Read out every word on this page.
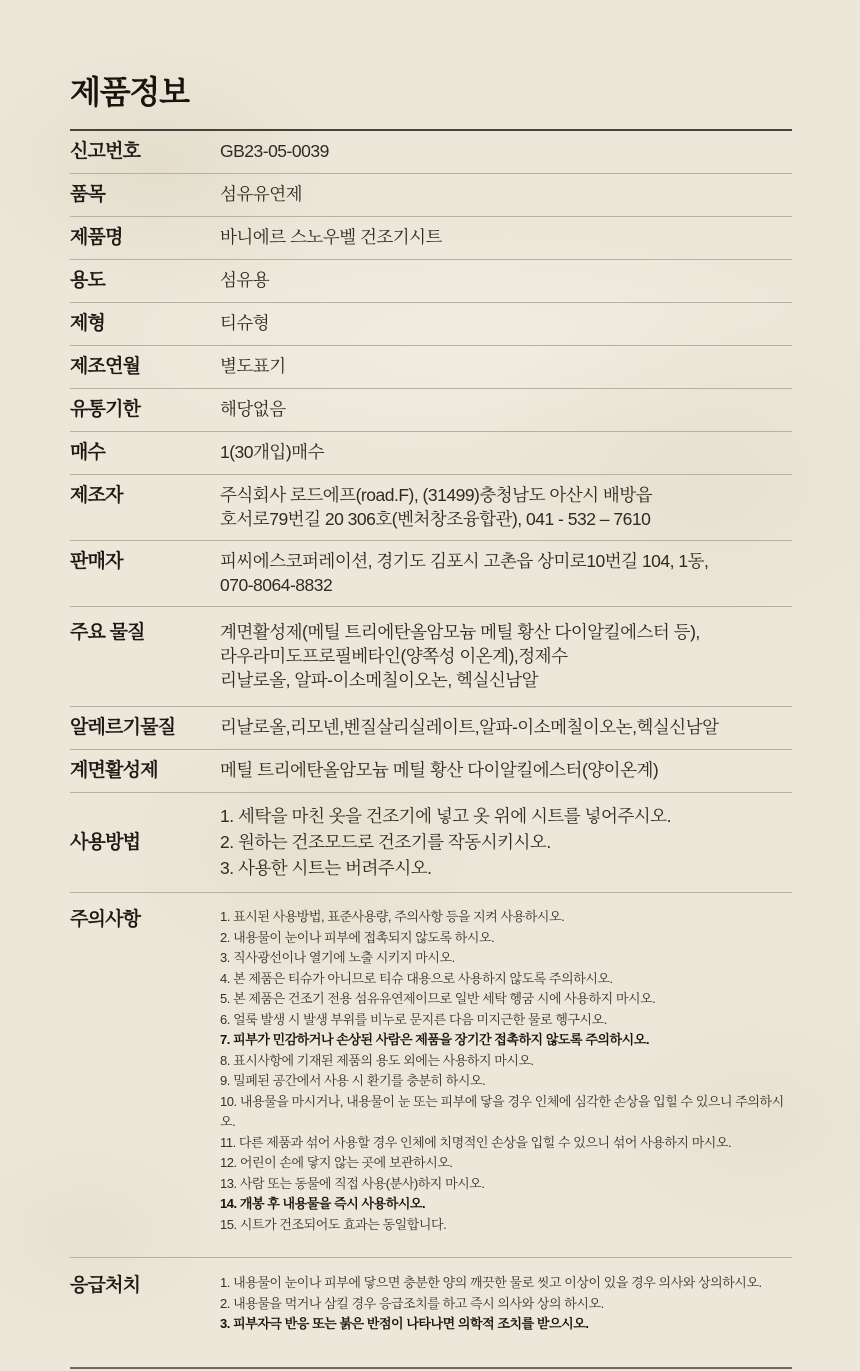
제품정보
신고번호	GB23-05-0039
품목	섬유유연제
제품명	바니에르 스노우벨 건조기시트
용도	섬유용
제형	티슈형
제조연월	별도표기
유통기한	해당없음
매수	1(30개입)매수
제조자	주식회사 로드에프(road.F), (31499)충청남도 아산시 배방읍
호서로79번길 20 306호(벤처창조융합관), 041 - 532 – 7610
판매자	피씨에스코퍼레이션, 경기도 김포시 고촌읍 상미로10번길 104, 1동,
070-8064-8832
주요 물질	계면활성제(메틸 트리에탄올암모늄 메틸 황산 다이알킬에스터 등),
라우라미도프로필베타인(양쪽성 이온계),정제수
리날로올, 알파-이소메칠이오논, 헥실신남알
알레르기물질	리날로올,리모넨,벤질살리실레이트,알파-이소메칠이오논,헥실신남알
계면활성제	메틸 트리에탄올암모늄 메틸 황산 다이알킬에스터(양이온계)
사용방법
1. 세탁을 마친 옷을 건조기에 넣고 옷 위에 시트를 넣어주시오.
2. 원하는 건조모드로 건조기를 작동시키시오.
3. 사용한 시트는 버려주시오.
주의사항	1. 표시된 사용방법, 표준사용량, 주의사항 등을 지켜 사용하시오.
2. 내용물이 눈이나 피부에 접촉되지 않도록 하시오.
3. 직사광선이나 열기에 노출 시키지 마시오.
4. 본 제품은 티슈가 아니므로 티슈 대용으로 사용하지 않도록 주의하시오.
5. 본 제품은 건조기 전용 섬유유연제이므로 일반 세탁 헹굼 시에 사용하지 마시오.
6. 얼룩 발생 시 발생 부위를 비누로 문지른 다음 미지근한 물로 헹구시오.
7. 피부가 민감하거나 손상된 사람은 제품을 장기간 접촉하지 않도록 주의하시오.
8. 표시사항에 기재된 제품의 용도 외에는 사용하지 마시오.
9. 밀폐된 공간에서 사용 시 환기를 충분히 하시오.
10. 내용물을 마시거나, 내용물이 눈 또는 피부에 닿을 경우 인체에 심각한 손상을 입힐 수 있으니 주의하시오.
11. 다른 제품과 섞어 사용할 경우 인체에 치명적인 손상을 입힐 수 있으니 섞어 사용하지 마시오.
12. 어린이 손에 닿지 않는 곳에 보관하시오.
13. 사람 또는 동물에 직접 사용(분사)하지 마시오.
14. 개봉 후 내용물을 즉시 사용하시오.
15. 시트가 건조되어도 효과는 동일합니다.
응급처치	1. 내용물이 눈이나 피부에 닿으면 충분한 양의 깨끗한 물로 씻고 이상이 있을 경우 의사와 상의하시오.
2. 내용물을 먹거나 삼킬 경우 응급조치를 하고 즉시 의사와 상의 하시오.
3. 피부자극 반응 또는 붉은 반점이 나타나면 의학적 조치를 받으시오.
